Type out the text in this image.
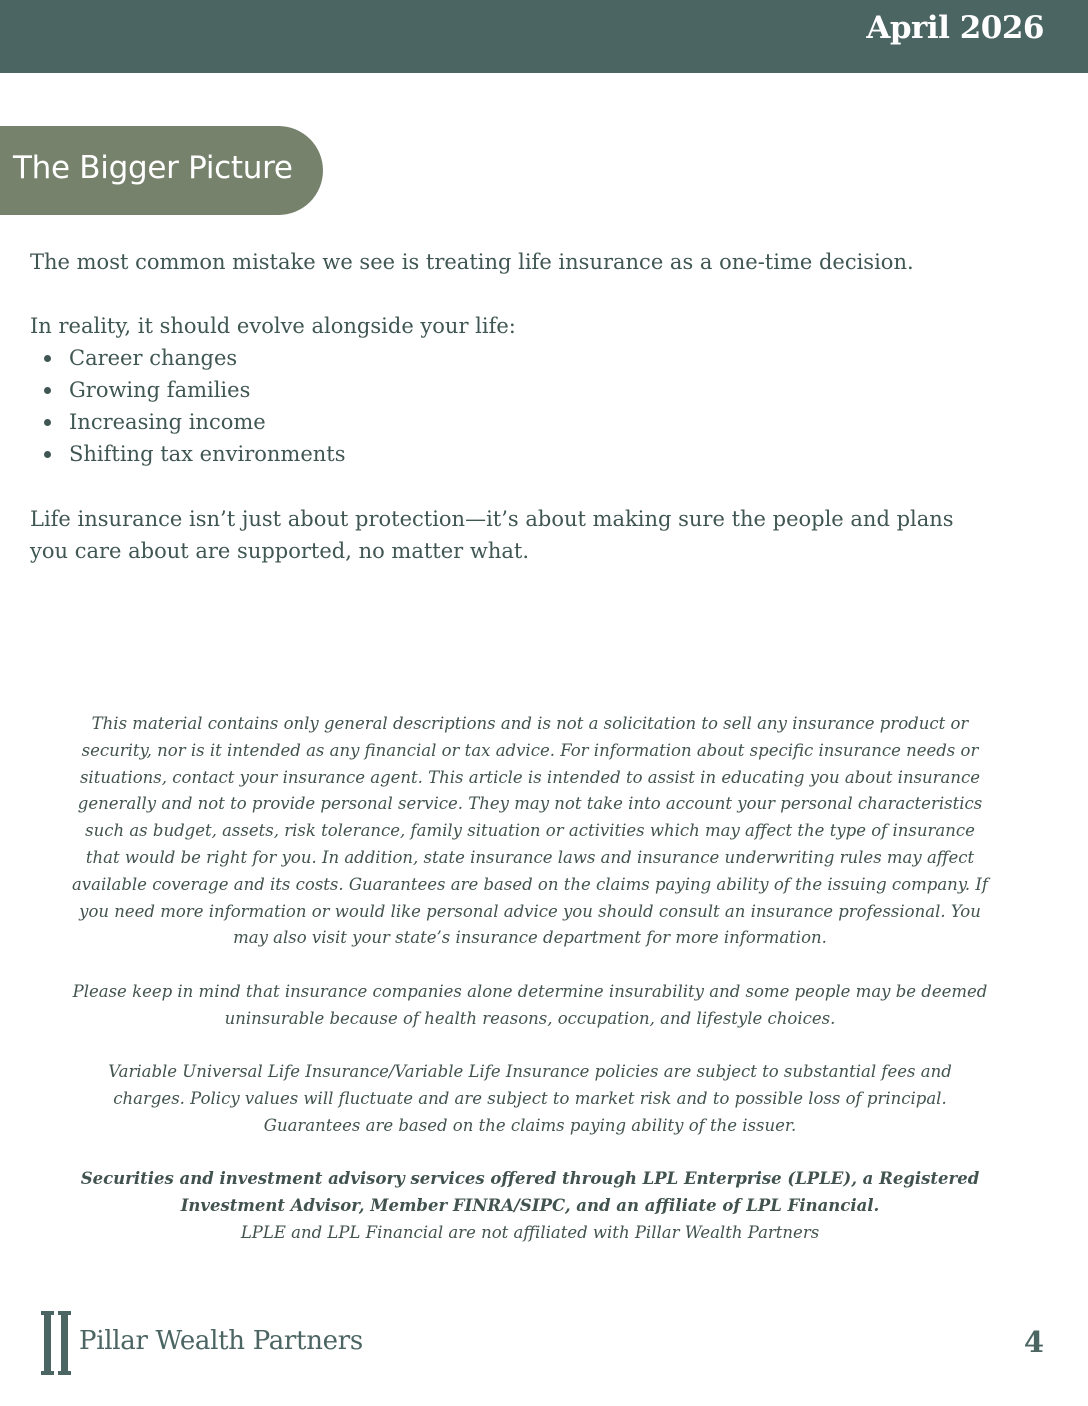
April 2026
The Bigger Picture

The most common mistake we see is treating life insurance as a one-time decision.

In reality, it should evolve alongside your life:

Career changes
Growing families
Increasing income
Shifting tax environments

Life insurance isn’t just about protection—it’s about making sure the people and plans you care about are supported, no matter what.

This material contains only general descriptions and is not a solicitation to sell any insurance product or security, nor is it intended as any financial or tax advice. For information about specific insurance needs or situations, contact your insurance agent. This article is intended to assist in educating you about insurance generally and not to provide personal service. They may not take into account your personal characteristics such as budget, assets, risk tolerance, family situation or activities which may affect the type of insurance that would be right for you. In addition, state insurance laws and insurance underwriting rules may affect available coverage and its costs. Guarantees are based on the claims paying ability of the issuing company. If you need more information or would like personal advice you should consult an insurance professional. You may also visit your state’s insurance department for more information.

Please keep in mind that insurance companies alone determine insurability and some people may be deemed uninsurable because of health reasons, occupation, and lifestyle choices.

Variable Universal Life Insurance/Variable Life Insurance policies are subject to substantial fees and charges. Policy values will fluctuate and are subject to market risk and to possible loss of principal. Guarantees are based on the claims paying ability of the issuer.

Securities and investment advisory services offered through LPL Enterprise (LPLE), a Registered Investment Advisor, Member FINRA/SIPC, and an affiliate of LPL Financial.

LPLE and LPL Financial are not affiliated with Pillar Wealth Partners

Pillar Wealth Partners	4
